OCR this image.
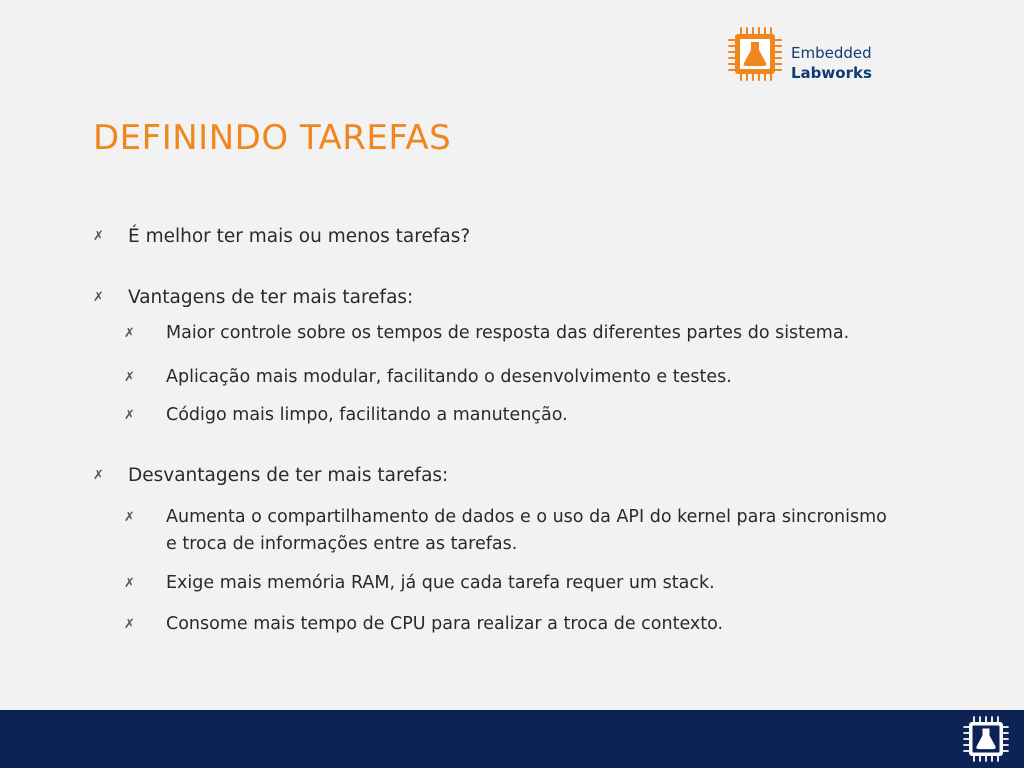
Embedded
Labworks
DEFININDO TAREFAS
✗ É melhor ter mais ou menos tarefas?
✗ Vantagens de ter mais tarefas:
✗ Maior controle sobre os tempos de resposta das diferentes partes do sistema.
✗ Aplicação mais modular, facilitando o desenvolvimento e testes.
✗ Código mais limpo, facilitando a manutenção.
✗ Desvantagens de ter mais tarefas:
✗ Aumenta o compartilhamento de dados e o uso da API do kernel para sincronismo
e troca de informações entre as tarefas.
✗ Exige mais memória RAM, já que cada tarefa requer um stack.
✗ Consome mais tempo de CPU para realizar a troca de contexto.
